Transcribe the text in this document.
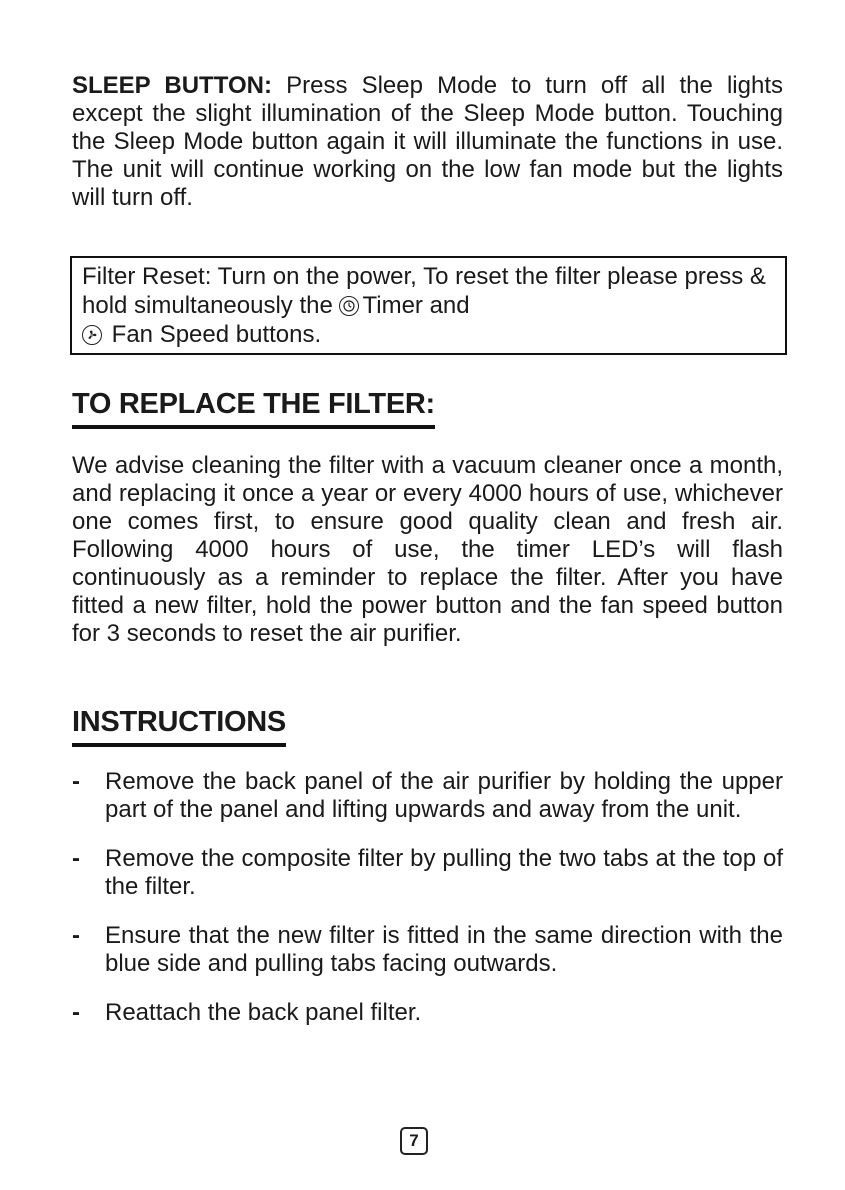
SLEEP BUTTON: Press Sleep Mode to turn off all the lights except the slight illumination of the Sleep Mode button. Touching the Sleep Mode button again it will illuminate the functions in use. The unit will continue working on the low fan mode but the lights will turn off.

Filter Reset: Turn on the power, To reset the filter please press & hold simultaneously the
Timer and

Fan Speed buttons.
TO REPLACE THE FILTER:

We advise cleaning the filter with a vacuum cleaner once a month, and replacing it once a year or every 4000 hours of use, whichever one comes first, to ensure good quality clean and fresh air. Following 4000 hours of use, the timer LED’s will flash continuously as a reminder to replace the filter. After you have fitted a new filter, hold the power button and the fan speed button for 3 seconds to reset the air purifier.

INSTRUCTIONS
- Remove the back panel of the air purifier by holding the upper part of the panel and lifting upwards and away from the unit.
- Remove the composite filter by pulling the two tabs at the top of the filter.
- Ensure that the new filter is fitted in the same direction with the blue side and pulling tabs facing outwards.
- Reattach the back panel filter.
7
